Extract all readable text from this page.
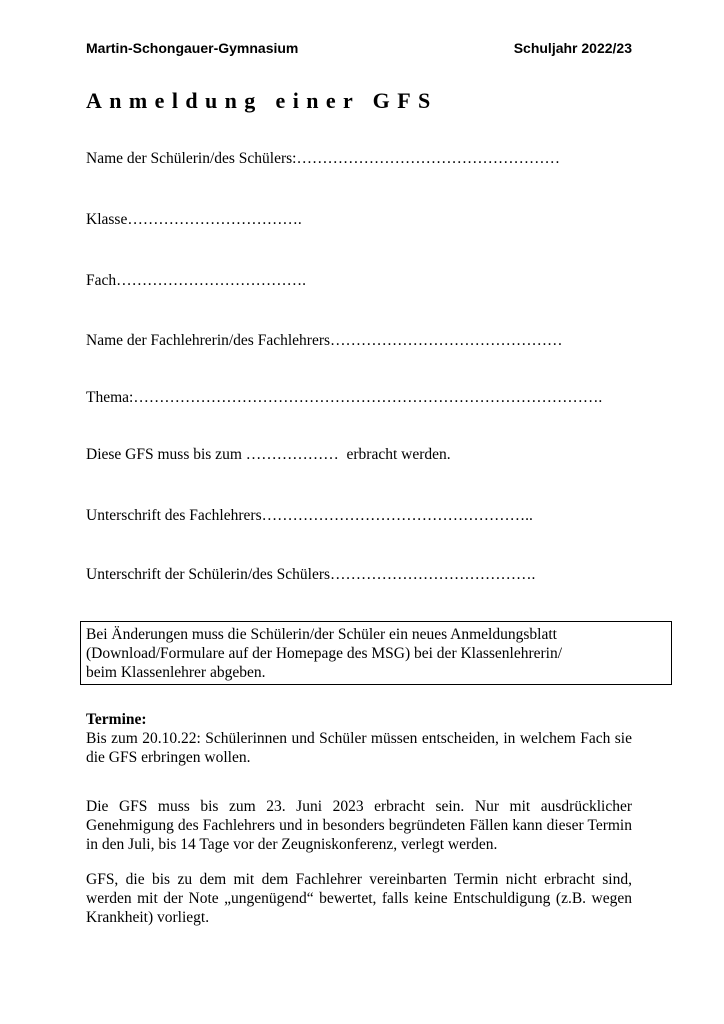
Martin-Schongauer-Gymnasium	Schuljahr 2022/23
Anmeldung einer GFS
Name der Schülerin/des Schülers:……………………………………………
Klasse…………………………….
Fach……………………………….
Name der Fachlehrerin/des Fachlehrers………………………………………
Thema:……………………………………………………………………………….
Diese GFS muss bis zum ………………  erbracht werden.
Unterschrift des Fachlehrers……………………………………………..
Unterschrift der Schülerin/des Schülers………………………………….
Bei Änderungen muss die Schülerin/der Schüler ein neues Anmeldungsblatt
(Download/Formulare auf der Homepage des MSG) bei der Klassenlehrerin/
beim Klassenlehrer abgeben.
Termine:
Bis zum 20.10.22: Schülerinnen und Schüler müssen entscheiden, in welchem Fach sie die GFS erbringen wollen.
Die GFS muss bis zum 23. Juni 2023 erbracht sein. Nur mit ausdrücklicher Genehmigung des Fachlehrers und in besonders begründeten Fällen kann dieser Termin in den Juli, bis 14 Tage vor der Zeugniskonferenz, verlegt werden.
GFS, die bis zu dem mit dem Fachlehrer vereinbarten Termin nicht erbracht sind, werden mit der Note „ungenügend“ bewertet, falls keine Entschuldigung (z.B. wegen Krankheit) vorliegt.
